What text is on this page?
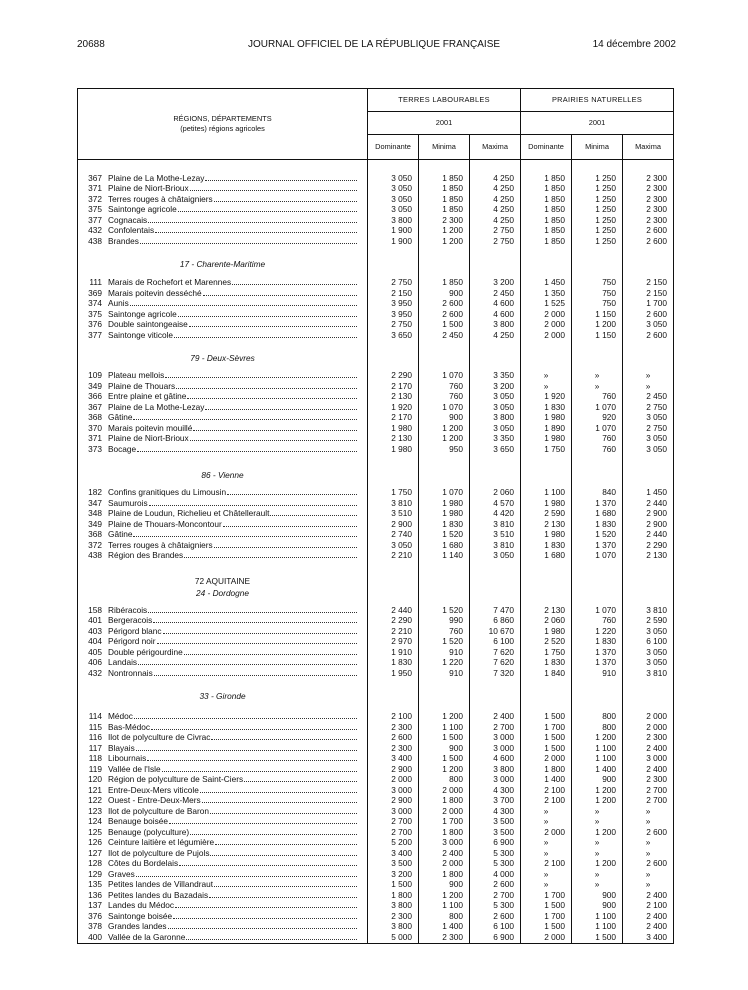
20688	JOURNAL OFFICIEL DE LA RÉPUBLIQUE FRANÇAISE	14 décembre 2002
RÉGIONS, DÉPARTEMENTS
(petites) régions agricoles	TERRES LABOURABLES			PRAIRIES NATURELLES		
	2001			2001		
	Dominante	Minima	Maxima	Dominante	Minima	Maxima

367 Plaine de La Mothe-Lezay	3 050	1 850	4 250	1 850	1 250	2 300

371 Plaine de Niort-Brioux	3 050	1 850	4 250	1 850	1 250	2 300

372 Terres rouges à châtaigniers	3 050	1 850	4 250	1 850	1 250	2 300

375 Saintonge agricole	3 050	1 850	4 250	1 850	1 250	2 300

377 Cognacais	3 800	2 300	4 250	1 850	1 250	2 300

432 Confolentais	1 900	1 200	2 750	1 850	1 250	2 600

438 Brandes	1 900	1 200	2 750	1 850	1 250	2 600

17 - Charente-Maritime						

111 Marais de Rochefort et Marennes	2 750	1 850	3 200	1 450	750	2 150

369 Marais poitevin desséché	2 150	900	2 450	1 350	750	2 150

374 Aunis	3 950	2 600	4 600	1 525	750	1 700

375 Saintonge agricole	3 950	2 600	4 600	2 000	1 150	2 600

376 Double saintongeaise	2 750	1 500	3 800	2 000	1 200	3 050

377 Saintonge viticole	3 650	2 450	4 250	2 000	1 150	2 600

79 - Deux-Sèvres						

109 Plateau mellois	2 290	1 070	3 350	»	»	»

349 Plaine de Thouars	2 170	760	3 200	»	»	»

366 Entre plaine et gâtine	2 130	760	3 050	1 920	760	2 450

367 Plaine de La Mothe-Lezay	1 920	1 070	3 050	1 830	1 070	2 750

368 Gâtine	2 170	900	3 800	1 980	920	3 050

370 Marais poitevin mouillé	1 980	1 200	3 050	1 890	1 070	2 750

371 Plaine de Niort-Brioux	2 130	1 200	3 350	1 980	760	3 050

373 Bocage	1 980	950	3 650	1 750	760	3 050

86 - Vienne						

182 Confins granitiques du Limousin	1 750	1 070	2 060	1 100	840	1 450

347 Saumurois	3 810	1 980	4 570	1 980	1 370	2 440

348 Plaine de Loudun, Richelieu et Châtellerault	3 510	1 980	4 420	2 590	1 680	2 900

349 Plaine de Thouars-Moncontour	2 900	1 830	3 810	2 130	1 830	2 900

368 Gâtine	2 740	1 520	3 510	1 980	1 520	2 440

372 Terres rouges à châtaigniers	3 050	1 680	3 810	1 830	1 370	2 290

438 Région des Brandes	2 210	1 140	3 050	1 680	1 070	2 130

72 AQUITAINE						
24 - Dordogne						

158 Ribéracois	2 440	1 520	7 470	2 130	1 070	3 810

401 Bergeracois	2 290	990	6 860	2 060	760	2 590

403 Périgord blanc	2 210	760	10 670	1 980	1 220	3 050

404 Périgord noir	2 970	1 520	6 100	2 520	1 830	6 100

405 Double périgourdine	1 910	910	7 620	1 750	1 370	3 050

406 Landais	1 830	1 220	7 620	1 830	1 370	3 050

432 Nontronnais	1 950	910	7 320	1 840	910	3 810

33 - Gironde						

114 Médoc	2 100	1 200	2 400	1 500	800	2 000

115 Bas-Médoc	2 300	1 100	2 700	1 700	800	2 000

116 Ilot de polyculture de Civrac	2 600	1 500	3 000	1 500	1 200	2 300

117 Blayais	2 300	900	3 000	1 500	1 100	2 400

118 Libournais	3 400	1 500	4 600	2 000	1 100	3 000

119 Vallée de l'Isle	2 900	1 200	3 800	1 800	1 400	2 400

120 Région de polyculture de Saint-Ciers	2 000	800	3 000	1 400	900	2 300

121 Entre-Deux-Mers viticole	3 000	2 000	4 300	2 100	1 200	2 700

122 Ouest - Entre-Deux-Mers	2 900	1 800	3 700	2 100	1 200	2 700

123 Ilot de polyculture de Baron	3 000	2 000	4 300	»	»	»

124 Benauge boisée	2 700	1 700	3 500	»	»	»

125 Benauge (polyculture)	2 700	1 800	3 500	2 000	1 200	2 600

126 Ceinture laitière et légumière	5 200	3 000	6 900	»	»	»

127 Ilot de polyculture de Pujols	3 400	2 400	5 300	»	»	»

128 Côtes du Bordelais	3 500	2 000	5 300	2 100	1 200	2 600

129 Graves	3 200	1 800	4 000	»	»	»

135 Petites landes de Villandraut	1 500	900	2 600	»	»	»

136 Petites landes du Bazadais	1 800	1 200	2 700	1 700	900	2 400

137 Landes du Médoc	3 800	1 100	5 300	1 500	900	2 100

376 Saintonge boisée	2 300	800	2 600	1 700	1 100	2 400

378 Grandes landes	3 800	1 400	6 100	1 500	1 100	2 400

400 Vallée de la Garonne	5 000	2 300	6 900	2 000	1 500	3 400
